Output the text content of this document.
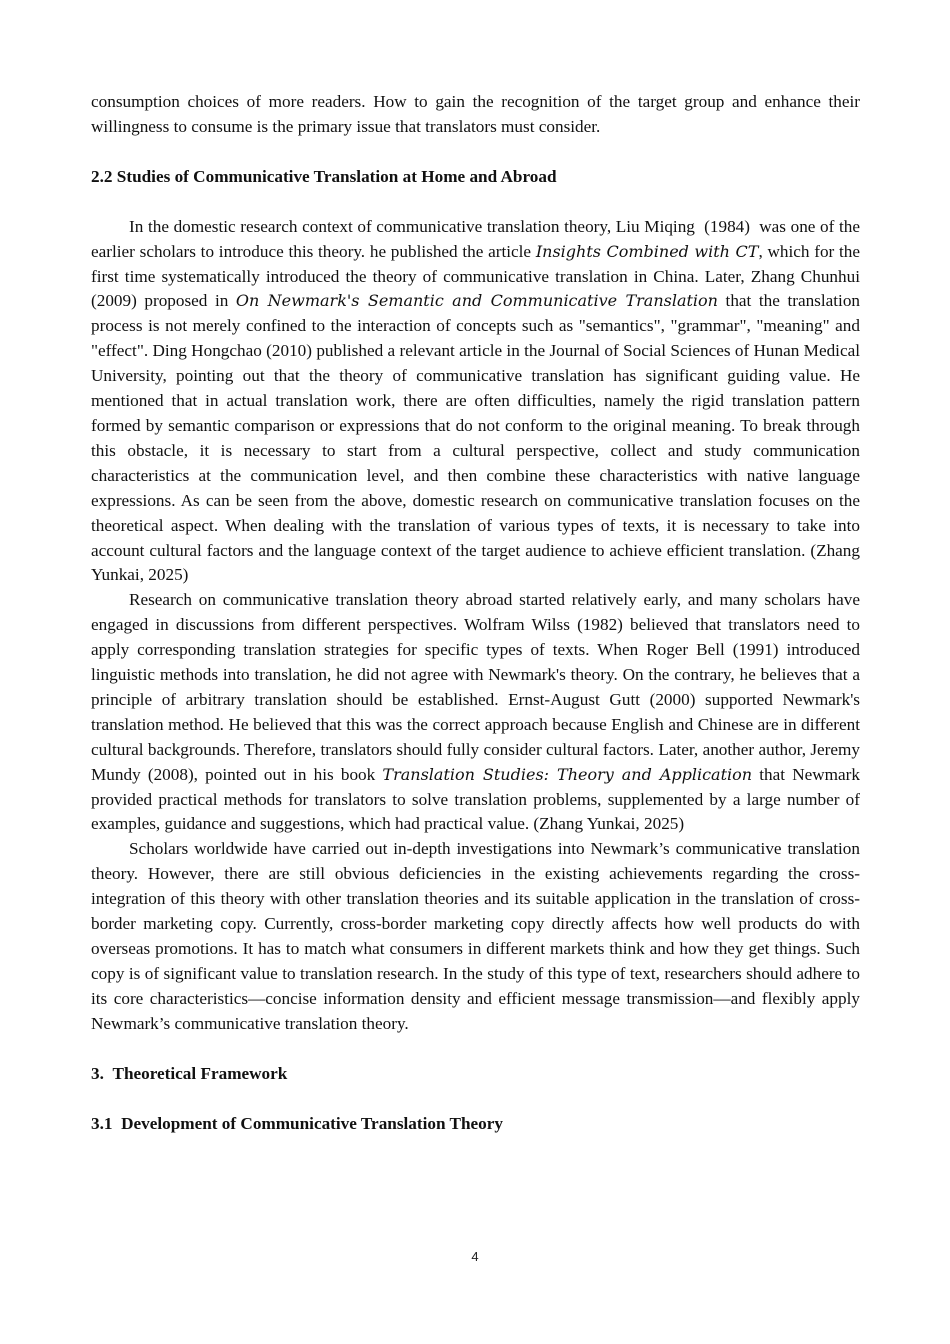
consumption choices of more readers. How to gain the recognition of the target group and enhance their willingness to consume is the primary issue that translators must consider.

2.2 Studies of Communicative Translation at Home and Abroad

In the domestic research context of communicative translation theory, Liu Miqing  (1984)  was one of the earlier scholars to introduce this theory. he published the article Insights Combined with CT, which for the first time systematically introduced the theory of communicative translation in China. Later, Zhang Chunhui (2009) proposed in On Newmark's Semantic and Communicative Translation that the translation process is not merely confined to the interaction of concepts such as "semantics", "grammar", "meaning" and "effect". Ding Hongchao (2010) published a relevant article in the Journal of Social Sciences of Hunan Medical University, pointing out that the theory of communicative translation has significant guiding value. He mentioned that in actual translation work, there are often difficulties, namely the rigid translation pattern formed by semantic comparison or expressions that do not conform to the original meaning. To break through this obstacle, it is necessary to start from a cultural perspective, collect and study communication characteristics at the communication level, and then combine these characteristics with native language expressions. As can be seen from the above, domestic research on communicative translation focuses on the theoretical aspect. When dealing with the translation of various types of texts, it is necessary to take into account cultural factors and the language context of the target audience to achieve efficient translation. (Zhang Yunkai, 2025)

Research on communicative translation theory abroad started relatively early, and many scholars have engaged in discussions from different perspectives. Wolfram Wilss (1982) believed that translators need to apply corresponding translation strategies for specific types of texts. When Roger Bell (1991) introduced linguistic methods into translation, he did not agree with Newmark's theory. On the contrary, he believes that a principle of arbitrary translation should be established. Ernst-August Gutt (2000) supported Newmark's translation method. He believed that this was the correct approach because English and Chinese are in different cultural backgrounds. Therefore, translators should fully consider cultural factors. Later, another author, Jeremy Mundy (2008), pointed out in his book Translation Studies: Theory and Application that Newmark provided practical methods for translators to solve translation problems, supplemented by a large number of examples, guidance and suggestions, which had practical value. (Zhang Yunkai, 2025)

Scholars worldwide have carried out in-depth investigations into Newmark’s communicative translation theory. However, there are still obvious deficiencies in the existing achievements regarding the cross-integration of this theory with other translation theories and its suitable application in the translation of cross-border marketing copy. Currently, cross-border marketing copy directly affects how well products do with overseas promotions. It has to match what consumers in different markets think and how they get things. Such copy is of significant value to translation research. In the study of this type of text, researchers should adhere to its core characteristics—concise information density and efficient message transmission—and flexibly apply Newmark’s communicative translation theory.

3.  Theoretical Framework
3.1  Development of Communicative Translation Theory
4
